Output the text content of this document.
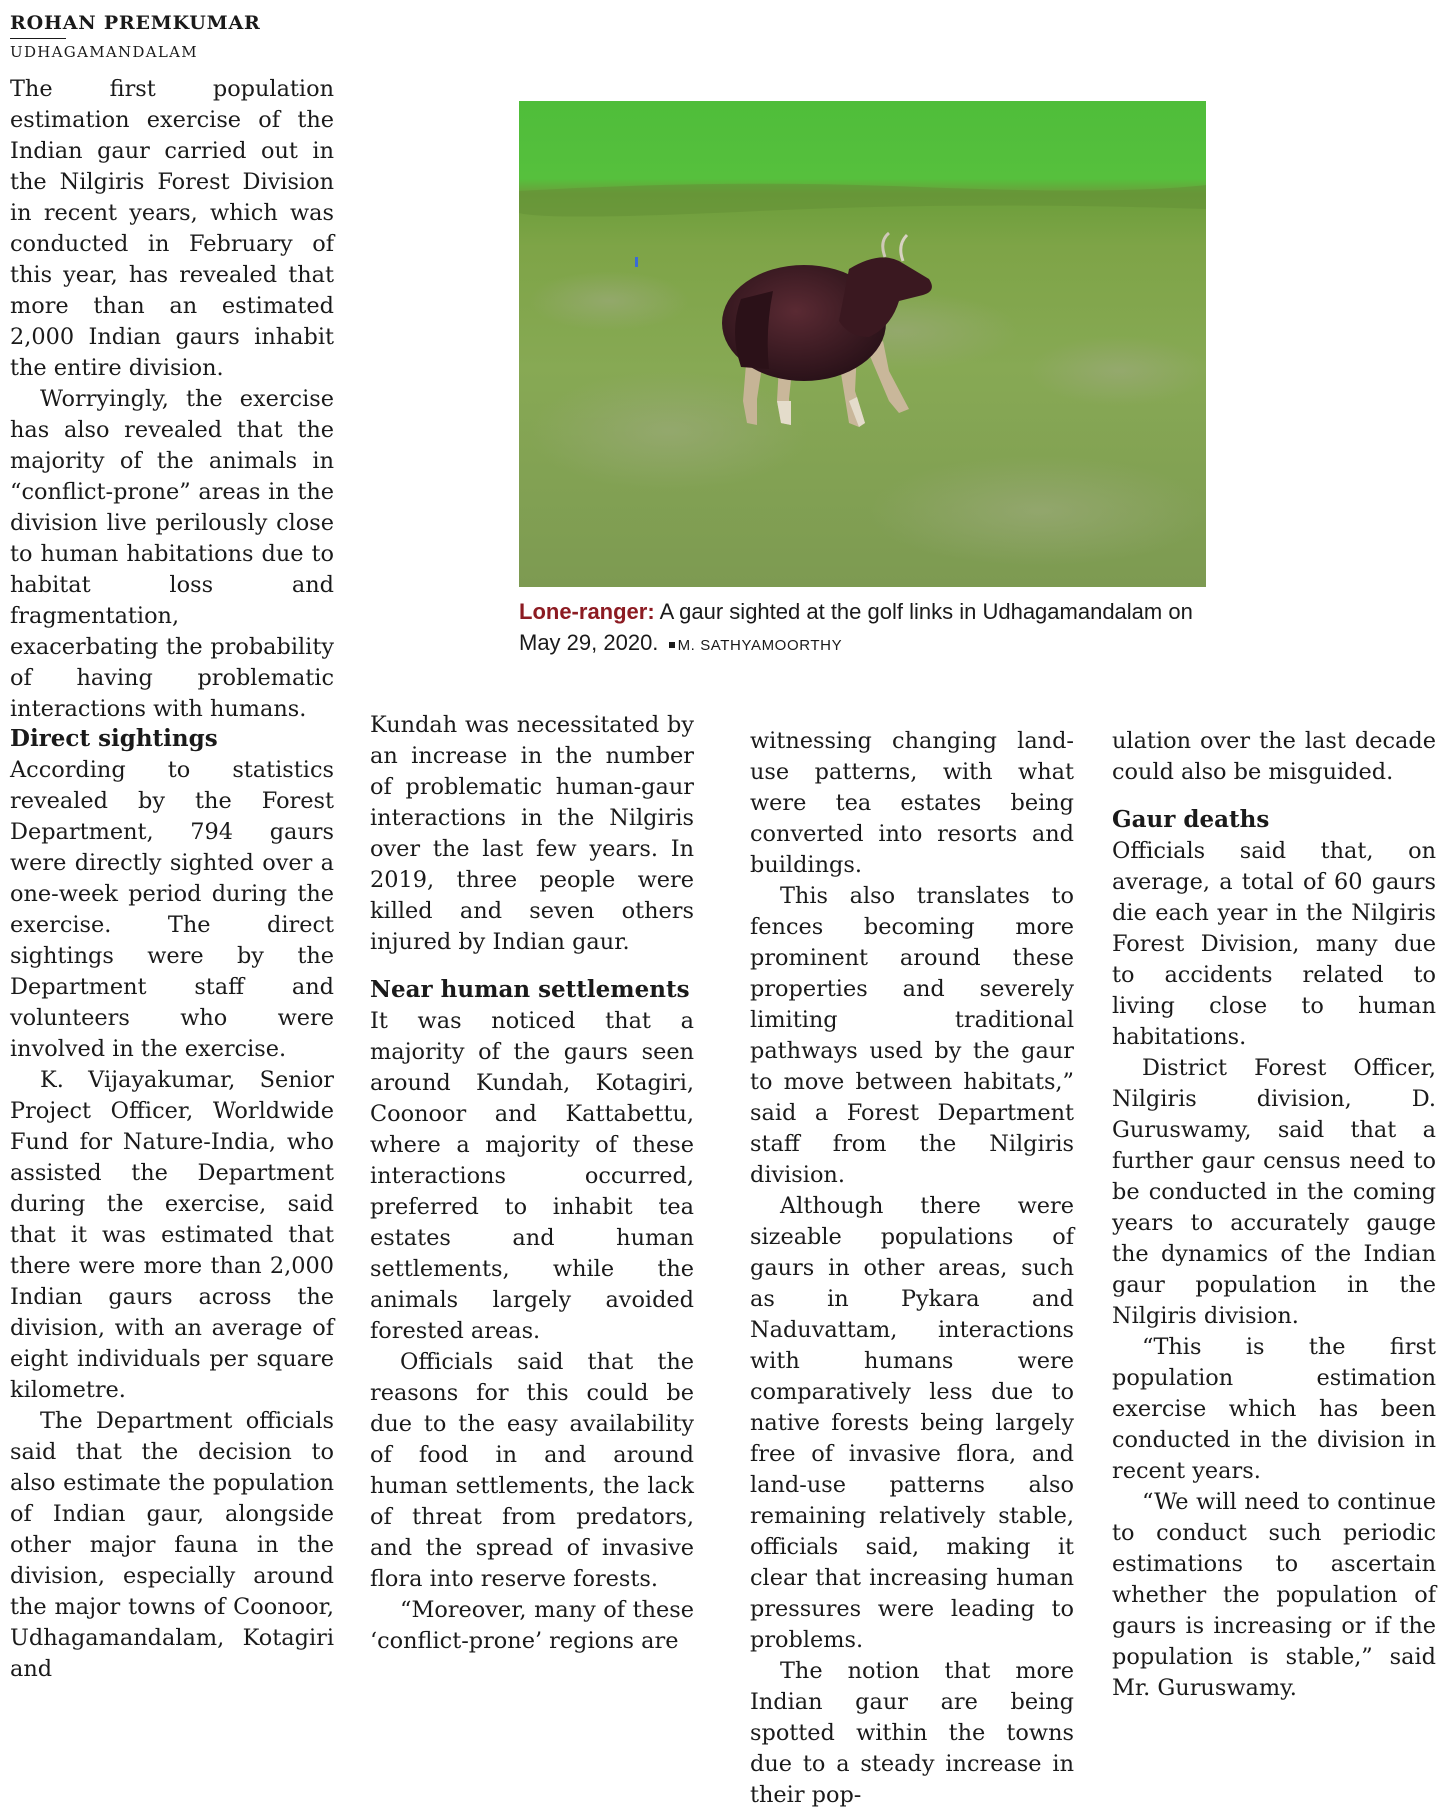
ROHAN PREMKUMAR

UDHAGAMANDALAM

The first population estimation exercise of the Indian gaur carried out in the Nilgiris Forest Division in recent years, which was conducted in February of this year, has revealed that more than an estimated 2,000 Indian gaurs inhabit the entire division.

Worryingly, the exercise has also revealed that the majority of the animals in “conflict-prone” areas in the division live perilously close to human habitations due to habitat loss and fragmentation, exacerbating the probability of having problematic interactions with humans.

Lone-ranger: A gaur sighted at the golf links in Udhagamandalam on May 29, 2020. M. SATHYAMOORTHY
Direct sightings

According to statistics revealed by the Forest Department, 794 gaurs were directly sighted over a one-week period during the exercise. The direct sightings were by the Department staff and volunteers who were involved in the exercise.

K. Vijayakumar, Senior Project Officer, Worldwide Fund for Nature-India, who assisted the Department during the exercise, said that it was estimated that there were more than 2,000 Indian gaurs across the division, with an average of eight individuals per square kilometre.

The Department officials said that the decision to also estimate the population of Indian gaur, alongside other major fauna in the division, especially around the major towns of Coonoor, Udhagamandalam, Kotagiri and

Kundah was necessitated by an increase in the number of problematic human-gaur interactions in the Nilgiris over the last few years. In 2019, three people were killed and seven others injured by Indian gaur.

Near human settlements

It was noticed that a majority of the gaurs seen around Kundah, Kotagiri, Coonoor and Kattabettu, where a majority of these interactions occurred, preferred to inhabit tea estates and human settlements, while the animals largely avoided forested areas.

Officials said that the reasons for this could be due to the easy availability of food in and around human settlements, the lack of threat from predators, and the spread of invasive flora into reserve forests.

“Moreover, many of these ‘conflict-prone’ regions are

witnessing changing land-use patterns, with what were tea estates being converted into resorts and buildings.

This also translates to fences becoming more prominent around these properties and severely limiting traditional pathways used by the gaur to move between habitats,” said a Forest Department staff from the Nilgiris division.

Although there were sizeable populations of gaurs in other areas, such as in Pykara and Naduvattam, interactions with humans were comparatively less due to native forests being largely free of invasive flora, and land-use patterns also remaining relatively stable, officials said, making it clear that increasing human pressures were leading to problems.

The notion that more Indian gaur are being spotted within the towns due to a steady increase in their pop-

ulation over the last decade could also be misguided.

Gaur deaths

Officials said that, on average, a total of 60 gaurs die each year in the Nilgiris Forest Division, many due to accidents related to living close to human habitations.

District Forest Officer, Nilgiris division, D. Guruswamy, said that a further gaur census need to be conducted in the coming years to accurately gauge the dynamics of the Indian gaur population in the Nilgiris division.

“This is the first population estimation exercise which has been conducted in the division in recent years.

“We will need to continue to conduct such periodic estimations to ascertain whether the population of gaurs is increasing or if the population is stable,” said Mr. Guruswamy.
